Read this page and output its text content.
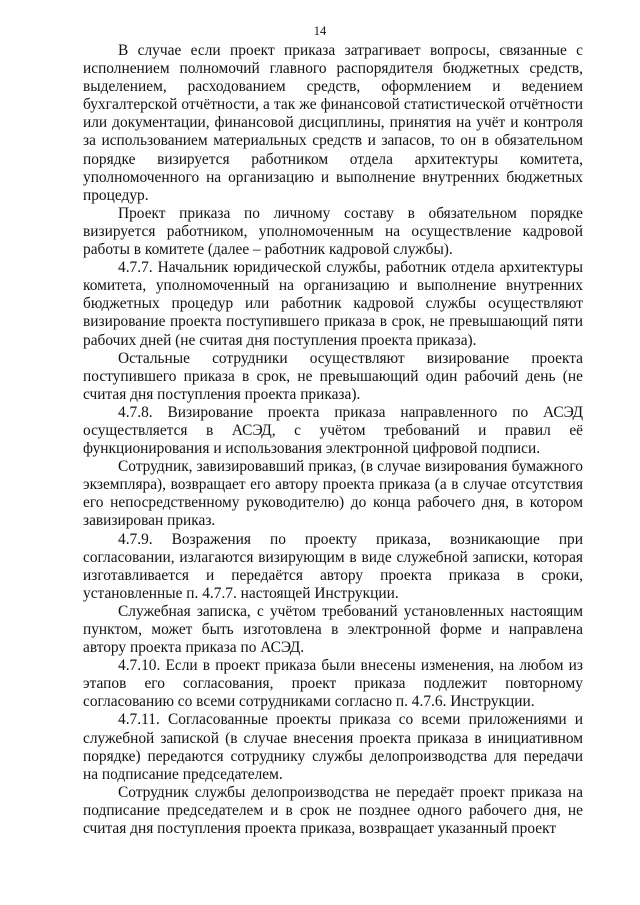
14

В случае если проект приказа затрагивает вопросы, связанные с исполнением полномочий главного распорядителя бюджетных средств, выделением, расходованием средств, оформлением и ведением бухгалтерской отчётности, а так же финансовой статистической отчётности или документации, финансовой дисциплины, принятия на учёт и контроля за использованием материальных средств и запасов, то он в обязательном порядке визируется работником отдела архитектуры комитета, уполномоченного на организацию и выполнение внутренних бюджетных процедур.

Проект приказа по личному составу в обязательном порядке визируется работником, уполномоченным на осуществление кадровой работы в комитете (далее – работник кадровой службы).

4.7.7. Начальник юридической службы, работник отдела архитектуры комитета, уполномоченный на организацию и выполнение внутренних бюджетных процедур или работник кадровой службы осуществляют визирование проекта поступившего приказа в срок, не превышающий пяти рабочих дней (не считая дня поступления проекта приказа).

Остальные сотрудники осуществляют визирование проекта поступившего приказа в срок, не превышающий один рабочий день (не считая дня поступления проекта приказа).

4.7.8. Визирование проекта приказа направленного по АСЭД осуществляется в АСЭД, с учётом требований и правил её функционирования и использования электронной цифровой подписи.

Сотрудник, завизировавший приказ, (в случае визирования бумажного экземпляра), возвращает его автору проекта приказа (а в случае отсутствия его непосредственному руководителю) до конца рабочего дня, в котором завизирован приказ.

4.7.9. Возражения по проекту приказа, возникающие при согласовании, излагаются визирующим в виде служебной записки, которая изготавливается и передаётся автору проекта приказа в сроки, установленные п. 4.7.7. настоящей Инструкции.

Служебная записка, с учётом требований установленных настоящим пунктом, может быть изготовлена в электронной форме и направлена автору проекта приказа по АСЭД.

4.7.10. Если в проект приказа были внесены изменения, на любом из этапов его согласования, проект приказа подлежит повторному согласованию со всеми сотрудниками согласно п. 4.7.6. Инструкции.

4.7.11. Согласованные проекты приказа со всеми приложениями и служебной запиской (в случае внесения проекта приказа в инициативном порядке) передаются сотруднику службы делопроизводства для передачи на подписание председателем.

Сотрудник службы делопроизводства не передаёт проект приказа на подписание председателем и в срок не позднее одного рабочего дня, не считая дня поступления проекта приказа, возвращает указанный проект
